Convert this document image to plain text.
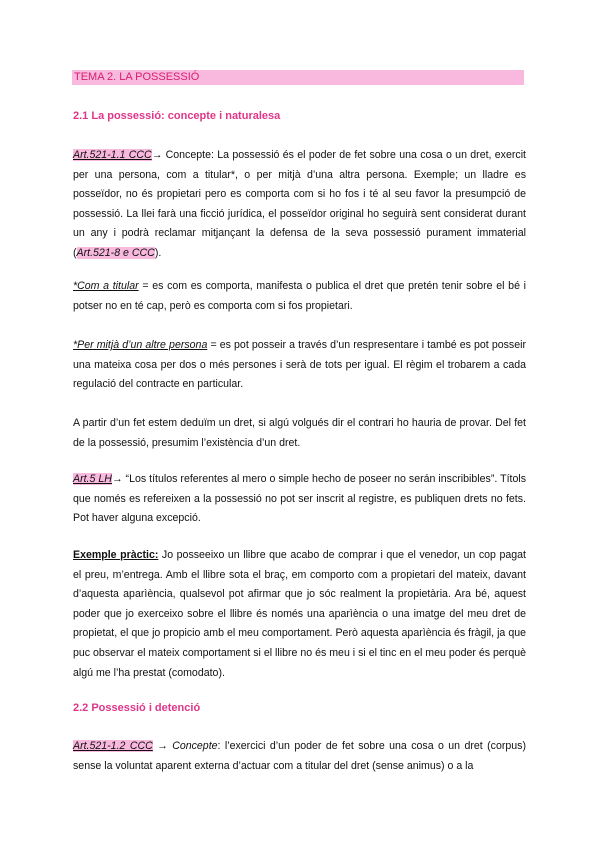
TEMA 2. LA POSSESSIÓ
2.1 La possessió: concepte i naturalesa

Art.521-1.1 CCC→ Concepte: La possessió és el poder de fet sobre una cosa o un dret, exercit per una persona, com a titular*, o per mitjà d’una altra persona. Exemple; un lladre es posseïdor, no és propietari pero es comporta com si ho fos i té al seu favor la presumpció de possessió. La llei farà una ficció jurídica, el posseïdor original ho seguirà sent considerat durant un any i podrà reclamar mitjançant la defensa de la seva possessió purament immaterial (Art.521-8 e CCC).

*Com a titular = es com es comporta, manifesta o publica el dret que pretén tenir sobre el bé i potser no en té cap, però es comporta com si fos propietari.

*Per mitjà d’un altre persona = es pot posseir a través d’un respresentare i també es pot posseir una mateixa cosa per dos o més persones i serà de tots per igual. El règim el trobarem a cada regulació del contracte en particular.

A partir d’un fet estem deduïm un dret, si algú volgués dir el contrari ho hauria de provar. Del fet de la possessió, presumim l’existència d’un dret.

Art.5 LH→ “Los títulos referentes al mero o simple hecho de poseer no serán inscribibles”. Títols que només es refereixen a la possessió no pot ser inscrit al registre, es publiquen drets no fets. Pot haver alguna excepció.

Exemple pràctic: Jo posseeixo un llibre que acabo de comprar i que el venedor, un cop pagat el preu, m’entrega. Amb el llibre sota el braç, em comporto com a propietari del mateix, davant d’aquesta aparìència, qualsevol pot afirmar que jo sóc realment la propietària. Ara bé, aquest poder que jo exerceixo sobre el llibre és només una aparìència o una imatge del meu dret de propietat, el que jo propicio amb el meu comportament. Però aquesta aparìència és fràgil, ja que puc observar el mateix comportament si el llibre no és meu i si el tinc en el meu poder és perquè algú me l’ha prestat (comodato).

2.2 Possessió i detenció

Art.521-1.2 CCC → Concepte: l’exercici d’un poder de fet sobre una cosa o un dret (corpus) sense la voluntat aparent externa d’actuar com a titular del dret (sense animus) o a la
